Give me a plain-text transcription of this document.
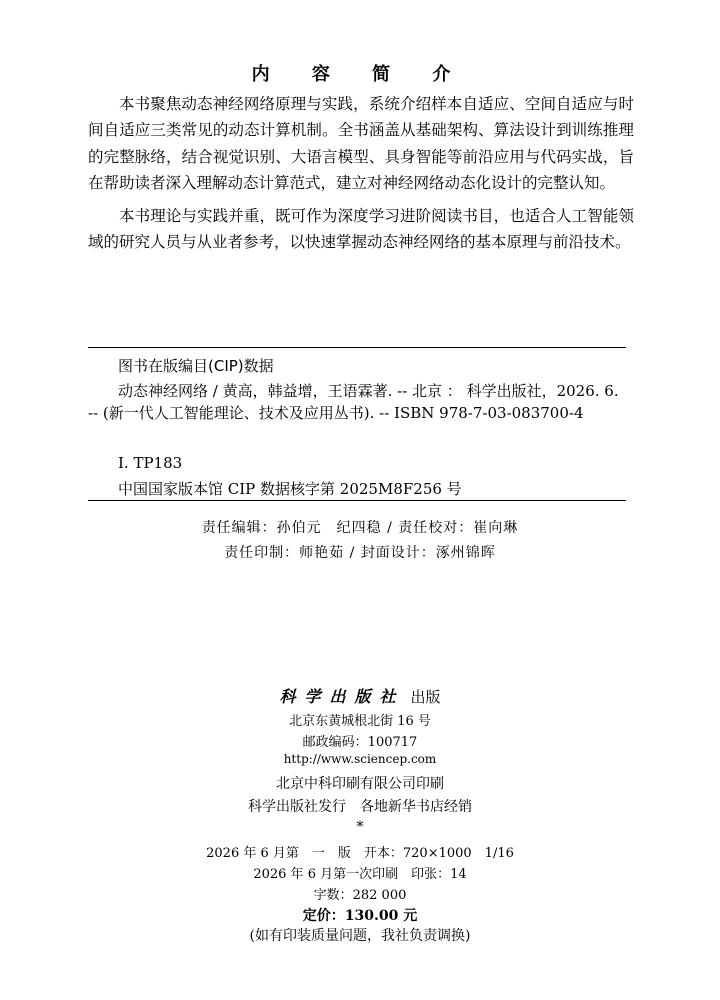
内 容 简 介

本书聚焦动态神经网络原理与实践，系统介绍样本自适应、空间自适应与时间自适应三类常见的动态计算机制。全书涵盖从基础架构、算法设计到训练推理的完整脉络，结合视觉识别、大语言模型、具身智能等前沿应用与代码实战，旨在帮助读者深入理解动态计算范式，建立对神经网络动态化设计的完整认知。

本书理论与实践并重，既可作为深度学习进阶阅读书目，也适合人工智能领域的研究人员与从业者参考，以快速掌握动态神经网络的基本原理与前沿技术。

图书在版编目(CIP)数据
动态神经网络 / 黄高，韩益增，王语霖著. -- 北京 ： 科学出版社，2026. 6. -- (新一代人工智能理论、技术及应用丛书). -- ISBN 978-7-03-083700-4
I. TP183
中国国家版本馆 CIP 数据核字第 2025M8F256 号
责任编辑：孙伯元　纪四稳 / 责任校对：崔向琳
责任印制：师艳茹 / 封面设计：涿州锦晖
科学出版社 出版
北京东黄城根北街 16 号
邮政编码：100717
http://www.sciencep.com
北京中科印刷有限公司印刷
科学出版社发行　各地新华书店经销
*
2026 年 6 月第　一　版　开本：720×1000　1/16
2026 年 6 月第一次印刷　印张：14
字数：282 000
定价：130.00 元
(如有印装质量问题，我社负责调换)
